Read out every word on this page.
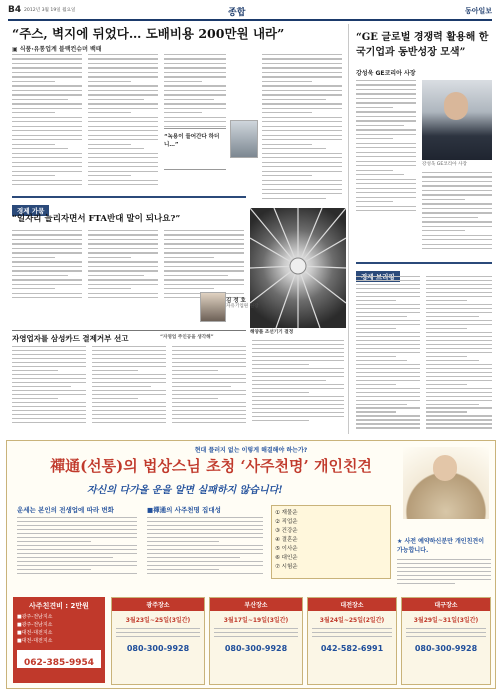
B4 2012년 3월 19일 월요일	종합	동아일보
“주스, 벽지에 뒤었다… 도배비용 200만원 내라”
▣ 식품·유통업계 블랙컨슈머 백태
“녹용이 들어간다 하더니…”
“GE 글로벌 경쟁력 활용해 한국기업과 동반성장 모색”
강성욱 GE코리아 사장
강성욱 GE코리아 사장
경제 가뭄
“일자리 늘리자면서 FTA반대 말이 되나요?”
해양플 조선기기 결정
김 정 호
자유기업원 원장
자영업자를 삼성카드 결제거부 선고	“자영업 주인공을 생각해”
현대 플러지 없는 이렇게 해결해야 하는가?
禪通(선통)의 법상스님 초청 ‘사주천명’ 개인친견
자신의 다가올 운을 알면 실패하지 않습니다!
운세는 본인의 전생업에 따라 변화	■禪通의 사주천명 집대성	① 재물운
② 직업운
③ 건강운
④ 결혼운
⑤ 이사운
⑥ 대인운
⑦ 시험운
★ 사전 예약하신분만 개인친견이 가능합니다.
사주친견비 : 2만원
■광주-전남지소
■광주-전남지소
■대전-대전지소
■대전-대전지소
062-385-9954
광주장소
3월23일~25일(3일간)
080-300-9928
부산장소
3월17일~19일(3일간)
080-300-9928
대전장소
3월24일~25일(2일간)
042-582-6991
대구장소
3월29일~31일(3일간)
080-300-9928
